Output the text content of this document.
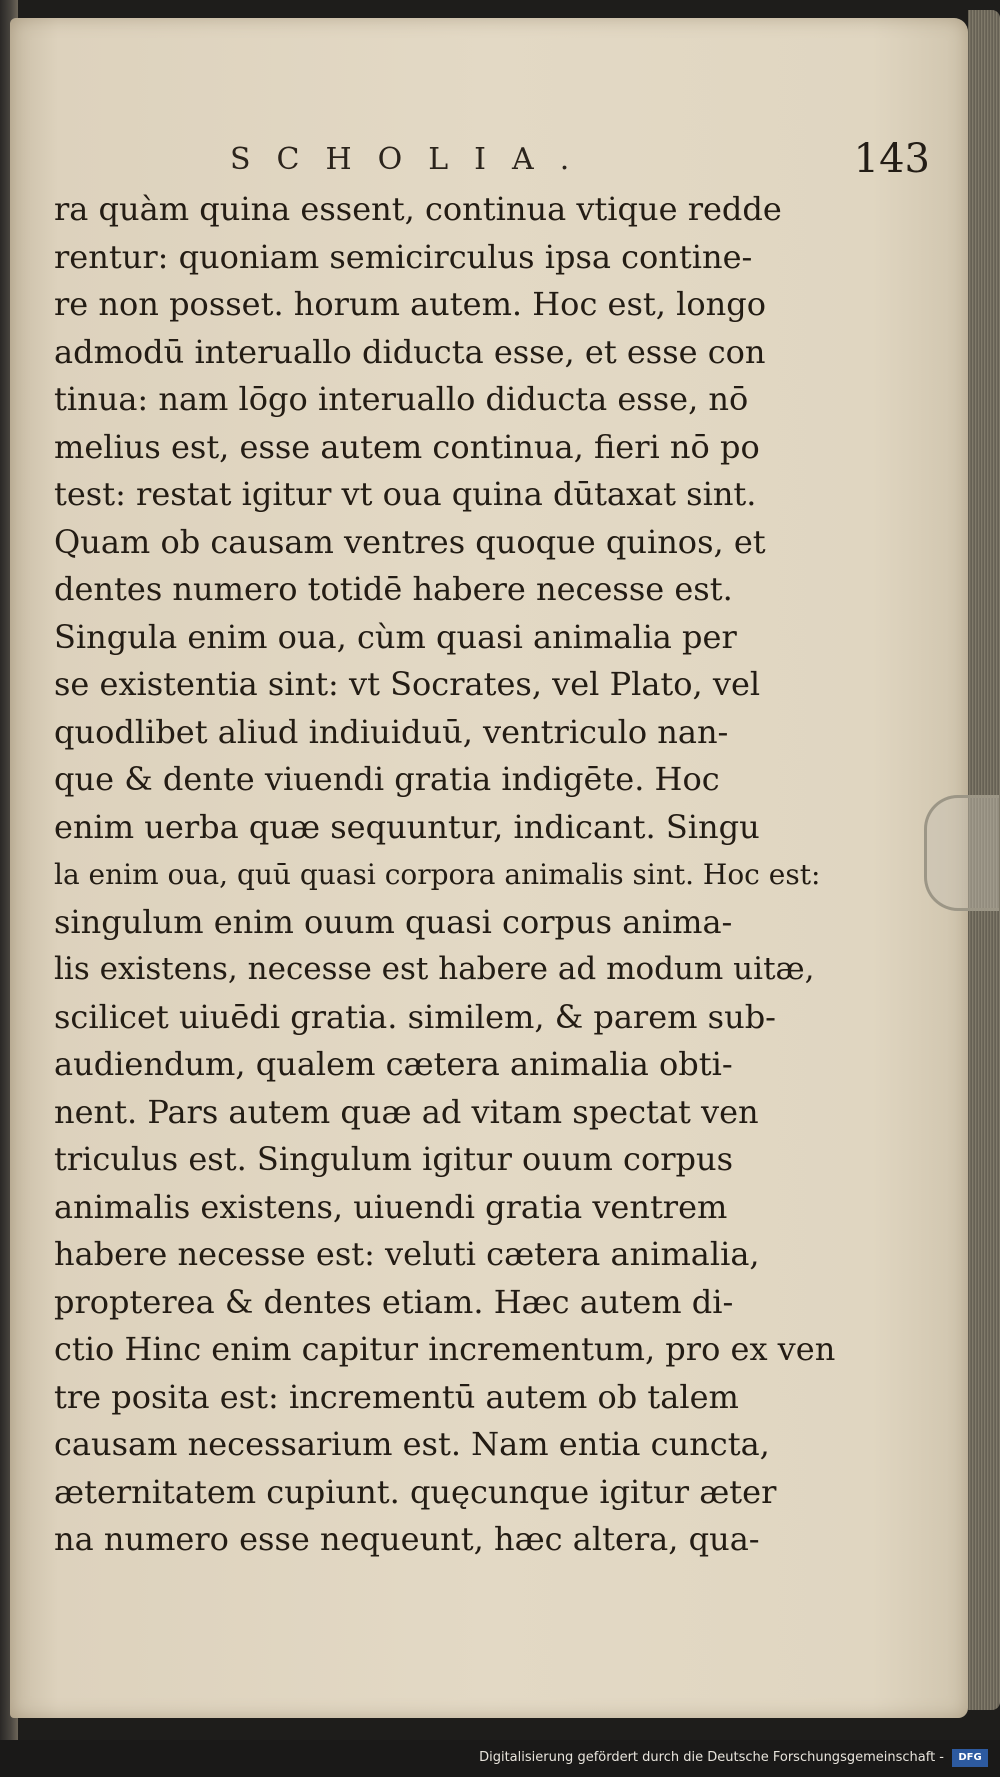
SCHOLIA.	143
ra quàm quina essent, continua vtique redde
rentur: quoniam semicirculus ipsa contine-
re non posset. horum autem. Hoc est, longo
admodū interuallo diducta esse, et esse con
tinua: nam lōgo interuallo diducta esse, nō
melius est, esse autem continua, fieri nō po
test: restat igitur vt oua quina dūtaxat sint.
Quam ob causam ventres quoque quinos, et
dentes numero totidē habere necesse est.
Singula enim oua, cùm quasi animalia per
se existentia sint: vt Socrates, vel Plato, vel
quodlibet aliud indiuiduū, ventriculo nan-
que & dente viuendi gratia indigēte. Hoc
enim uerba quæ sequuntur, indicant. Singu
la enim oua, quū quasi corpora animalis sint. Hoc est:
singulum enim ouum quasi corpus anima-
lis existens, necesse est habere ad modum uitæ,
scilicet uiuēdi gratia. similem, & parem sub-
audiendum, qualem cætera animalia obti-
nent. Pars autem quæ ad vitam spectat ven
triculus est. Singulum igitur ouum corpus
animalis existens, uiuendi gratia ventrem
habere necesse est: veluti cætera animalia,
propterea & dentes etiam. Hæc autem di-
ctio Hinc enim capitur incrementum, pro ex ven
tre posita est: incrementū autem ob talem
causam necessarium est. Nam entia cuncta,
æternitatem cupiunt. quęcunque igitur æter
na numero esse nequeunt, hæc altera, qua-
Digitalisierung gefördert durch die Deutsche Forschungsgemeinschaft -	DFG
